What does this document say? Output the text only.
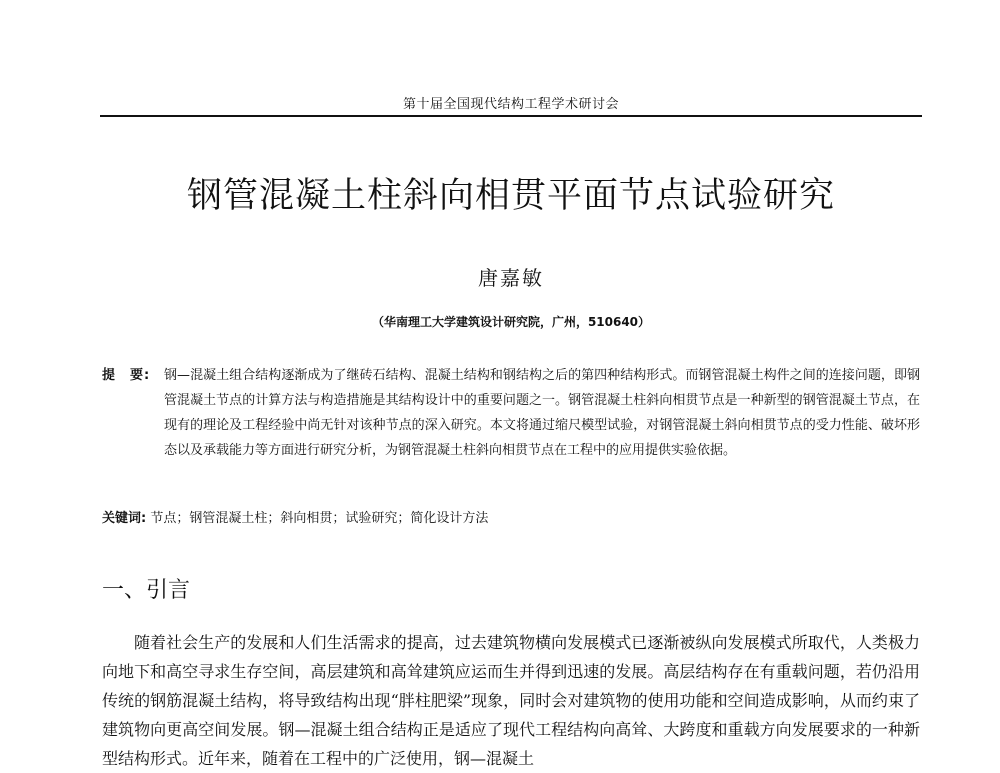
第十届全国现代结构工程学术研讨会
钢管混凝土柱斜向相贯平面节点试验研究
唐嘉敏
（华南理工大学建筑设计研究院，广州，510640）
提　要:	钢—混凝土组合结构逐渐成为了继砖石结构、混凝土结构和钢结构之后的第四种结构形式。而钢管混凝土构件之间的连接问题，即钢管混凝土节点的计算方法与构造措施是其结构设计中的重要问题之一。钢管混凝土柱斜向相贯节点是一种新型的钢管混凝土节点，在现有的理论及工程经验中尚无针对该种节点的深入研究。本文将通过缩尺模型试验，对钢管混凝土斜向相贯节点的受力性能、破坏形态以及承载能力等方面进行研究分析，为钢管混凝土柱斜向相贯节点在工程中的应用提供实验依据。
关键词: 节点；钢管混凝土柱；斜向相贯；试验研究；简化设计方法
一、引言
随着社会生产的发展和人们生活需求的提高，过去建筑物横向发展模式已逐渐被纵向发展模式所取代，人类极力向地下和高空寻求生存空间，高层建筑和高耸建筑应运而生并得到迅速的发展。高层结构存在有重载问题，若仍沿用传统的钢筋混凝土结构，将导致结构出现“胖柱肥梁”现象，同时会对建筑物的使用功能和空间造成影响，从而约束了建筑物向更高空间发展。钢—混凝土组合结构正是适应了现代工程结构向高耸、大跨度和重载方向发展要求的一种新型结构形式。近年来，随着在工程中的广泛使用，钢—混凝土
